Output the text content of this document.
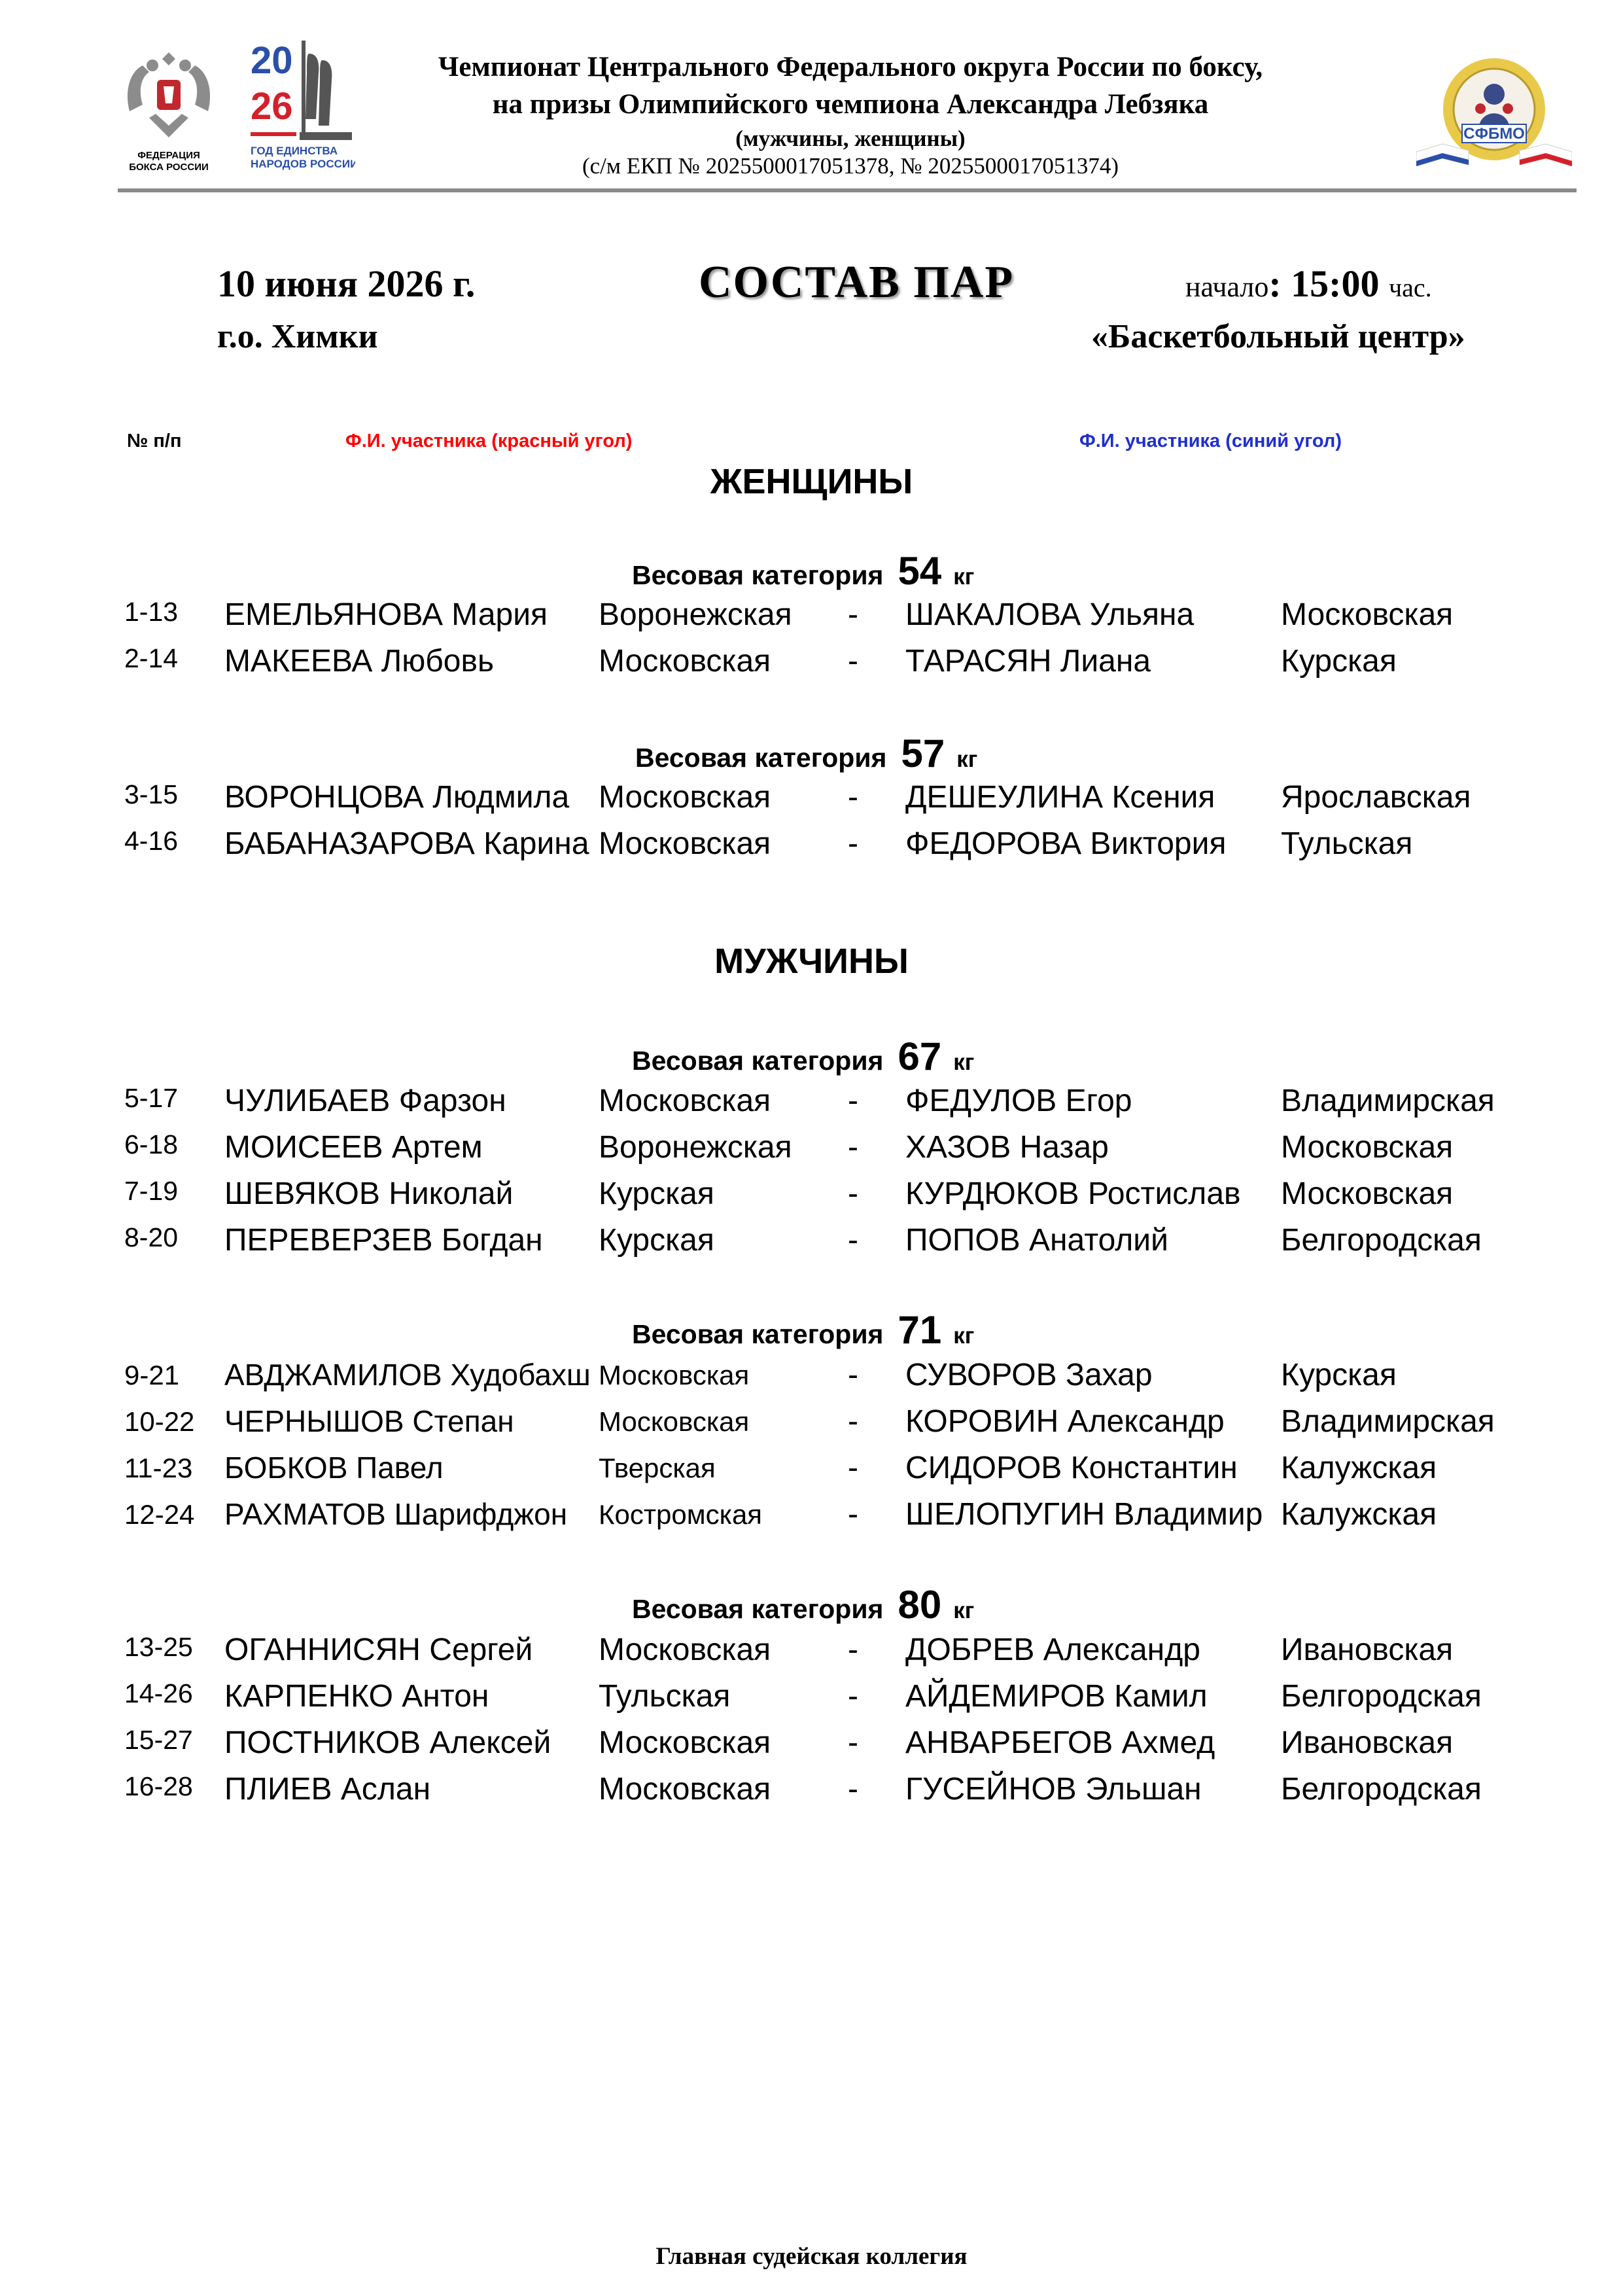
ФЕДЕРАЦИЯ
БОКСА РОССИИ
20
26
ГОД ЕДИНСТВА
НАРОДОВ РОССИИ
Чемпионат Центрального Федерального округа России по боксу,
на призы Олимпийского чемпиона Александра Лебзяка
(мужчины, женщины)
(с/м ЕКП № 2025500017051378, № 2025500017051374)
СФБМО
10 июня 2026 г.
г.о. Химки
СОСТАВ ПАР	начало: 15:00 час.
«Баскетбольный центр»
№ п/п	Ф.И. участника (красный угол)	Ф.И. участника (синий угол)
ЖЕНЩИНЫ
Весовая категория 54 кг
1-13 ЕМЕЛЬЯНОВА Мария Воронежская - ШАКАЛОВА Ульяна	Московская
2-14 МАКЕЕВА Любовь	Московская - ТАРАСЯН Лиана	Курская
Весовая категория 57 кг
3-15 ВОРОНЦОВА Людмила Московская - ДЕШЕУЛИНА Ксения Ярославская
4-16 БАБАНАЗАРОВА Карина Московская - ФЕДОРОВА Виктория Тульская
МУЖЧИНЫ
Весовая категория 67 кг
5-17 ЧУЛИБАЕВ Фарзон	Московская - ФЕДУЛОВ Егор	Владимирская
6-18 МОИСЕЕВ Артем	Воронежская - ХАЗОВ Назар	Московская
7-19 ШЕВЯКОВ Николай	Курская	- КУРДЮКОВ Ростислав Московская
8-20 ПЕРЕВЕРЗЕВ Богдан Курская	- ПОПОВ Анатолий	Белгородская
Весовая категория 71 кг
9-21 АВДЖАМИЛОВ Худобахш Московская	- СУВОРОВ Захар	Курская
10-22 ЧЕРНЫШОВ Степан	Московская	- КОРОВИН Александр Владимирская
11-23 БОБКОВ Павел	Тверская	- СИДОРОВ Константин Калужская
12-24 РАХМАТОВ Шарифджон Костромская	- ШЕЛОПУГИН Владимир Калужская
Весовая категория 80 кг
13-25 ОГАННИСЯН Сергей Московская - ДОБРЕВ Александр	Ивановская
14-26 КАРПЕНКО Антон	Тульская	- АЙДЕМИРОВ Камил Белгородская
15-27 ПОСТНИКОВ Алексей Московская - АНВАРБЕГОВ Ахмед Ивановская
16-28 ПЛИЕВ Аслан	Московская - ГУСЕЙНОВ Эльшан	Белгородская
Главная судейская коллегия
